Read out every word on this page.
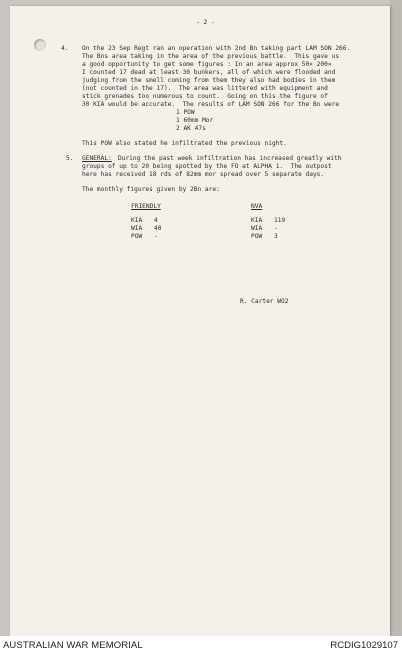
- 2 -

4. On the 23 Sep Regt ran an operation with 2nd Bn taking part LAM SON 266.

The Bns area taking in the area of the previous battle.  This gave us

a good opportunity to get some figures : In an area approx 50× 200×

I counted 17 dead at least 30 bunkers, all of which were flooded and

judging from the smell coming from them they also had bodies in them

(not counted in the 17).  The area was littered with equipment and

stick grenades too numerous to count.  Going on this the figure of

30 KIA would be accurate.  The results of LAM SON 266 for the Bn were

1 POW

1 60mm Mor

2 AK 47s

This POW also stated he infiltrated the previous night.

5. GENERAL: During the past week infiltration has increased greatly with

groups of up to 20 being spotted by the FO at ALPHA 1.  The outpost

here has received 18 rds of 82mm mor spread over 5 separate days.

The monthly figures given by 2Bn are:

FRIENDLY	NVA

KIA 4

WIA 40

POW -

KIA 119

WIA -

POW 3

R. Carter WO2

AUSTRALIAN WAR MEMORIAL	RCDIG1029107
